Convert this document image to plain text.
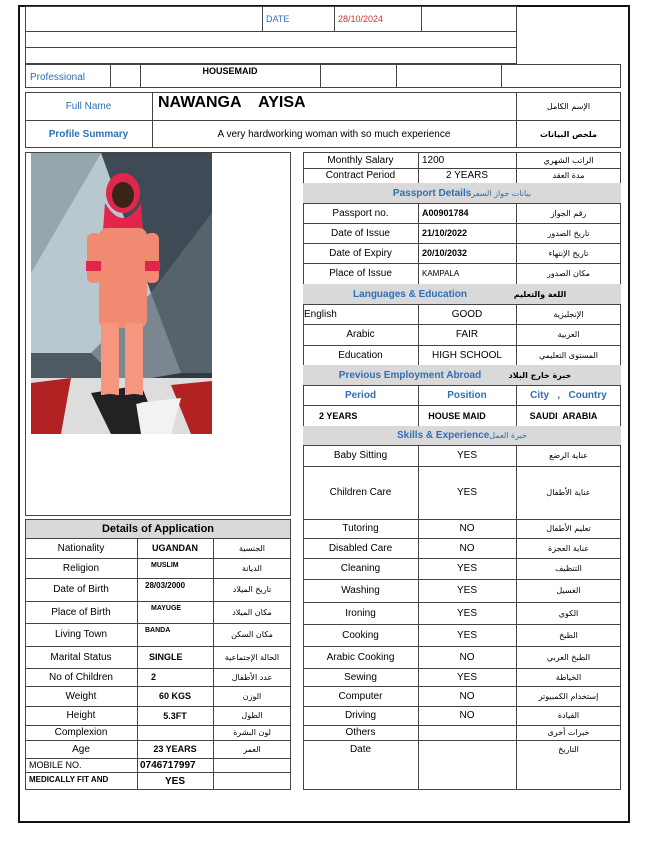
DATE	28/10/2024
Professional
HOUSEMAID
Full Name	NAWANGA    AYISA	الإسم الكامل
Profile Summary	A very hardworking woman with so much experience	ملخص البيانات
Monthly Salary	1200	الراتب الشهري
Contract Period	2 YEARS	مدة العقد
Passport Details بيانات جواز السفر
Passport no.	A00901784	رقم الجواز
Date of Issue	21/10/2022	تاريخ الصدور
Date of Expiry	20/10/2032	تاريخ الإنتهاء
Place of Issue	KAMPALA	مكان الصدور
Languages & Education	اللغة والتعليم
English	GOOD	الإنجليزية
Arabic	FAIR	العربية
Education	HIGH SCHOOL	المستوى التعليمي
Previous Employment Abroad	خبرة خارج البلاد
Period	Position	City   ,   Country
2 YEARS	HOUSE MAID	SAUDI  ARABIA
Skills & Experience خبرة العمل
Baby Sitting	YES	عناية الرضع
Children Care	YES	عناية الأطفال
Tutoring	NO	تعليم الأطفال
Disabled Care	NO	عناية العجزة
Cleaning	YES	التنظيف
Washing	YES	الغسيل
Ironing	YES	الكوي
Cooking	YES	الطبخ
Arabic Cooking	NO	الطبخ العربي
Sewing	YES	الخياطة
Computer	NO	إستخدام الكمبيوتر
Driving	NO	القيادة
Others	خبرات أخرى
Date	التاريخ
Details of Application
Nationality	UGANDAN	الجنسية
Religion	MUSLIM	الديانة
Date of Birth	28/03/2000	تاريخ الميلاد
Place of Birth	MAYUGE	مكان الميلاد
Living Town	BANDA	مكان السكن
Marital Status	SINGLE	الحالة الإجتماعية
No of Children	2	عدد الأطفال
Weight	60 KGS	الوزن
Height	5.3FT	الطول
Complexion	لون البشرة
Age	23 YEARS	العمر
MOBILE NO.	0746717997
MEDICALLY FIT AND	YES
